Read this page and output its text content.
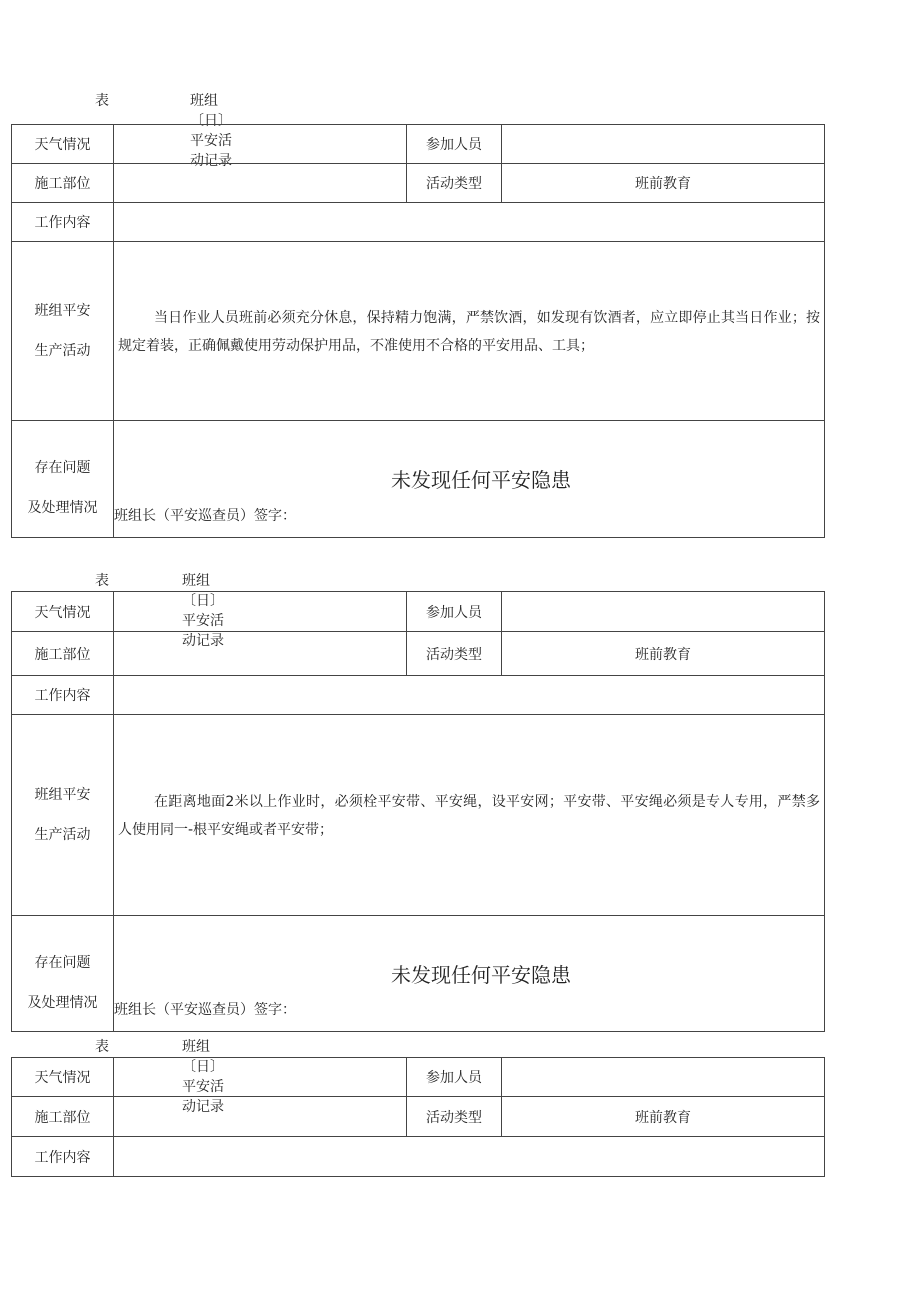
表	班组〔日〕平安活动记录
天气情况		参加人员	
施工部位		活动类型	班前教育
工作内容			
班组平安
生产活动	当日作业人员班前必须充分休息，保持精力饱满，严禁饮酒，如发现有饮酒者，应立即停止其当日作业；按规定着装，正确佩戴使用劳动保护用品，不准使用不合格的平安用品、工具；		

存在问题
及处理情况	未发现任何平安隐患
班组长（平安巡查员）签字：		
表	班组〔日〕平安活动记录
天气情况		参加人员	
施工部位		活动类型	班前教育
工作内容			
班组平安
生产活动	在距离地面2米以上作业时，必须栓平安带、平安绳，设平安网；平安带、平安绳必须是专人专用，严禁多人使用同一-根平安绳或者平安带；		

存在问题
及处理情况	未发现任何平安隐患
班组长（平安巡查员）签字：		
表	班组〔日〕平安活动记录
天气情况		参加人员	
施工部位		活动类型	班前教育
工作内容			
